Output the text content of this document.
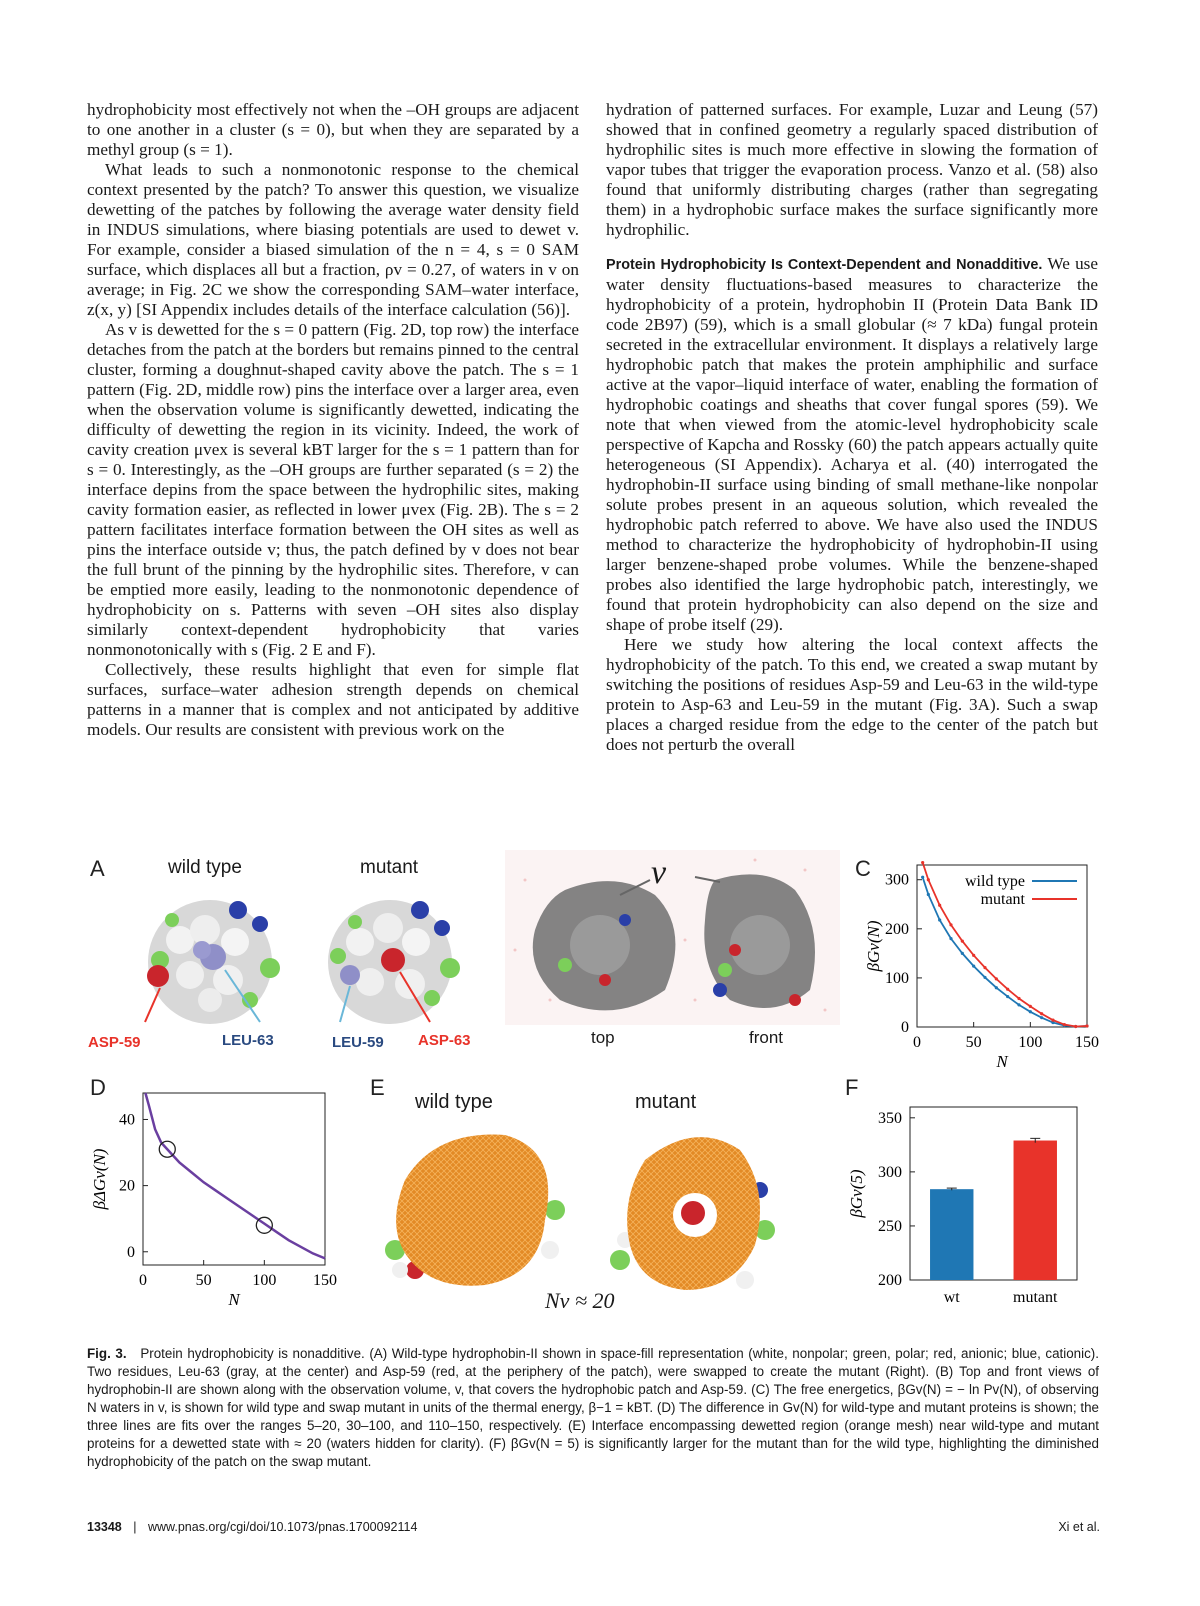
hydrophobicity most effectively not when the –OH groups are adjacent to one another in a cluster (s = 0), but when they are separated by a methyl group (s = 1).

What leads to such a nonmonotonic response to the chemical context presented by the patch? To answer this question, we visualize dewetting of the patches by following the average water density field in INDUS simulations, where biasing potentials are used to dewet v. For example, consider a biased simulation of the n = 4, s = 0 SAM surface, which displaces all but a fraction, ρv = 0.27, of waters in v on average; in Fig. 2C we show the corresponding SAM–water interface, z(x, y) [SI Appendix includes details of the interface calculation (56)].

As v is dewetted for the s = 0 pattern (Fig. 2D, top row) the interface detaches from the patch at the borders but remains pinned to the central cluster, forming a doughnut-shaped cavity above the patch. The s = 1 pattern (Fig. 2D, middle row) pins the interface over a larger area, even when the observation volume is significantly dewetted, indicating the difficulty of dewetting the region in its vicinity. Indeed, the work of cavity creation μvex is several kBT larger for the s = 1 pattern than for s = 0. Interestingly, as the –OH groups are further separated (s = 2) the interface depins from the space between the hydrophilic sites, making cavity formation easier, as reflected in lower μvex (Fig. 2B). The s = 2 pattern facilitates interface formation between the OH sites as well as pins the interface outside v; thus, the patch defined by v does not bear the full brunt of the pinning by the hydrophilic sites. Therefore, v can be emptied more easily, leading to the nonmonotonic dependence of hydrophobicity on s. Patterns with seven –OH sites also display similarly context-dependent hydrophobicity that varies nonmonotonically with s (Fig. 2 E and F).

Collectively, these results highlight that even for simple flat surfaces, surface–water adhesion strength depends on chemical patterns in a manner that is complex and not anticipated by additive models. Our results are consistent with previous work on the

hydration of patterned surfaces. For example, Luzar and Leung (57) showed that in confined geometry a regularly spaced distribution of hydrophilic sites is much more effective in slowing the formation of vapor tubes that trigger the evaporation process. Vanzo et al. (58) also found that uniformly distributing charges (rather than segregating them) in a hydrophobic surface makes the surface significantly more hydrophilic.

Protein Hydrophobicity Is Context-Dependent and Nonadditive. We use water density fluctuations-based measures to characterize the hydrophobicity of a protein, hydrophobin II (Protein Data Bank ID code 2B97) (59), which is a small globular (≈ 7 kDa) fungal protein secreted in the extracellular environment. It displays a relatively large hydrophobic patch that makes the protein amphiphilic and surface active at the vapor–liquid interface of water, enabling the formation of hydrophobic coatings and sheaths that cover fungal spores (59). We note that when viewed from the atomic-level hydrophobicity scale perspective of Kapcha and Rossky (60) the patch appears actually quite heterogeneous (SI Appendix). Acharya et al. (40) interrogated the hydrophobin-II surface using binding of small methane-like nonpolar solute probes present in an aqueous solution, which revealed the hydrophobic patch referred to above. We have also used the INDUS method to characterize the hydrophobicity of hydrophobin-II using larger benzene-shaped probe volumes. While the benzene-shaped probes also identified the large hydrophobic patch, interestingly, we found that protein hydrophobicity can also depend on the size and shape of probe itself (29).

Here we study how altering the local context affects the hydrophobicity of the patch. To this end, we created a swap mutant by switching the positions of residues Asp-59 and Leu-63 in the wild-type protein to Asp-63 and Leu-59 in the mutant (Fig. 3A). Such a swap places a charged residue from the edge to the center of the patch but does not perturb the overall

A	wild type	mutant
ASP-59	LEU-63	LEU-59 ASP-63
v
top	front
C
0	50 100 150
0
100
200
300
N
βGv(N)
wild type
mutant
D
0	50	100 150
0
20
40
N
βΔGv(N)
E
wild type	mutant
Nv ≈ 20
F
200
250
300
350
βGv(5)
wt	mutant
Fig. 3. Protein hydrophobicity is nonadditive. (A) Wild-type hydrophobin-II shown in space-fill representation (white, nonpolar; green, polar; red, anionic; blue, cationic). Two residues, Leu-63 (gray, at the center) and Asp-59 (red, at the periphery of the patch), were swapped to create the mutant (Right). (B) Top and front views of hydrophobin-II are shown along with the observation volume, v, that covers the hydrophobic patch and Asp-59. (C) The free energetics, βGv(N) = − ln Pv(N), of observing N waters in v, is shown for wild type and swap mutant in units of the thermal energy, β−1 = kBT. (D) The difference in Gv(N) for wild-type and mutant proteins is shown; the three lines are fits over the ranges 5–20, 30–100, and 110–150, respectively. (E) Interface encompassing dewetted region (orange mesh) near wild-type and mutant proteins for a dewetted state with ≈ 20 (waters hidden for clarity). (F) βGv(N = 5) is significantly larger for the mutant than for the wild type, highlighting the diminished hydrophobicity of the patch on the swap mutant.
13348 | www.pnas.org/cgi/doi/10.1073/pnas.1700092114	Xi et al.
